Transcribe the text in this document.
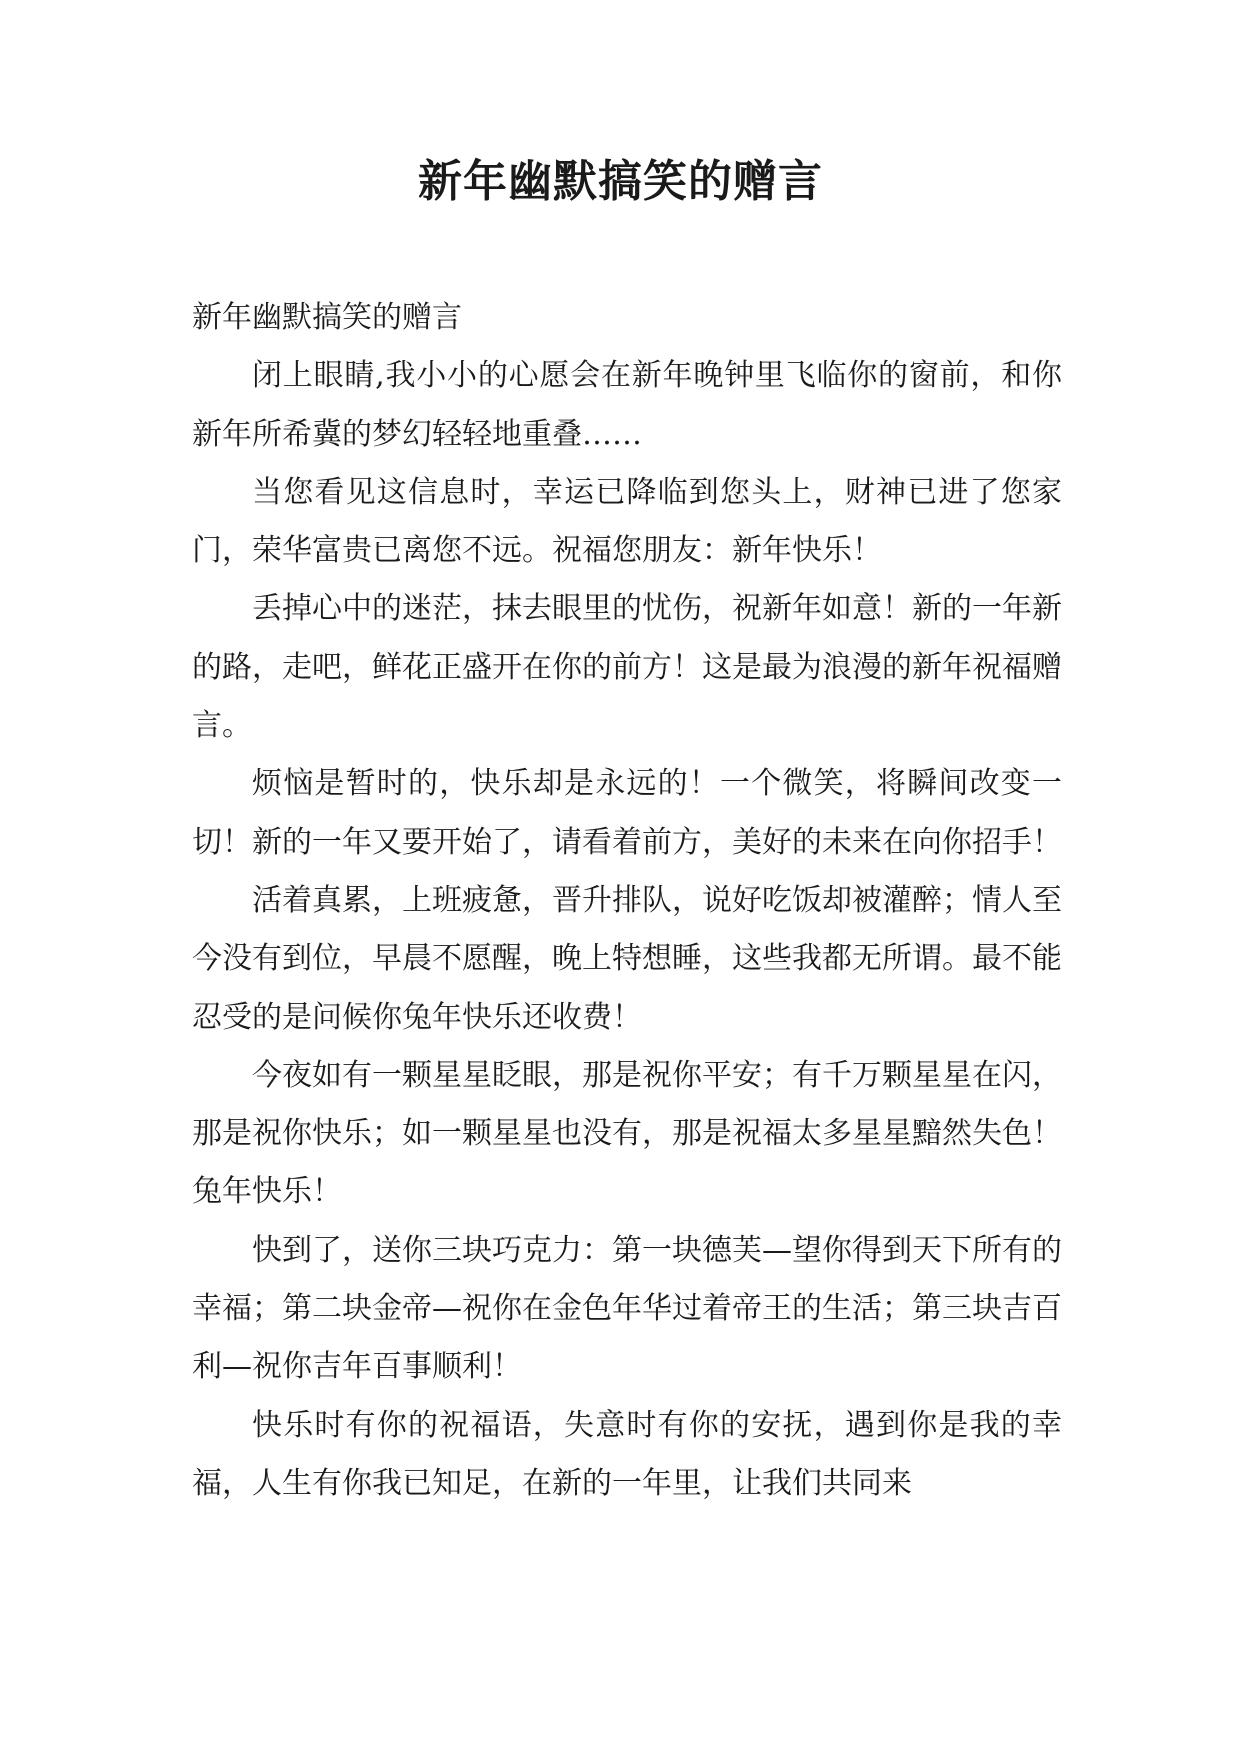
新年幽默搞笑的赠言

新年幽默搞笑的赠言

闭上眼睛,我小小的心愿会在新年晚钟里飞临你的窗前，和你新年所希冀的梦幻轻轻地重叠……

当您看见这信息时，幸运已降临到您头上，财神已进了您家门，荣华富贵已离您不远。祝福您朋友：新年快乐！

丢掉心中的迷茫，抹去眼里的忧伤，祝新年如意！新的一年新的路，走吧，鲜花正盛开在你的前方！这是最为浪漫的新年祝福赠言。

烦恼是暂时的，快乐却是永远的！一个微笑，将瞬间改变一切！新的一年又要开始了，请看着前方，美好的未来在向你招手！

活着真累，上班疲惫，晋升排队，说好吃饭却被灌醉；情人至今没有到位，早晨不愿醒，晚上特想睡，这些我都无所谓。最不能忍受的是问候你兔年快乐还收费！

今夜如有一颗星星眨眼，那是祝你平安；有千万颗星星在闪，那是祝你快乐；如一颗星星也没有，那是祝福太多星星黯然失色！兔年快乐！

快到了，送你三块巧克力：第一块德芙—望你得到天下所有的幸福；第二块金帝—祝你在金色年华过着帝王的生活；第三块吉百利—祝你吉年百事顺利！

快乐时有你的祝福语，失意时有你的安抚，遇到你是我的幸福，人生有你我已知足，在新的一年里，让我们共同来
